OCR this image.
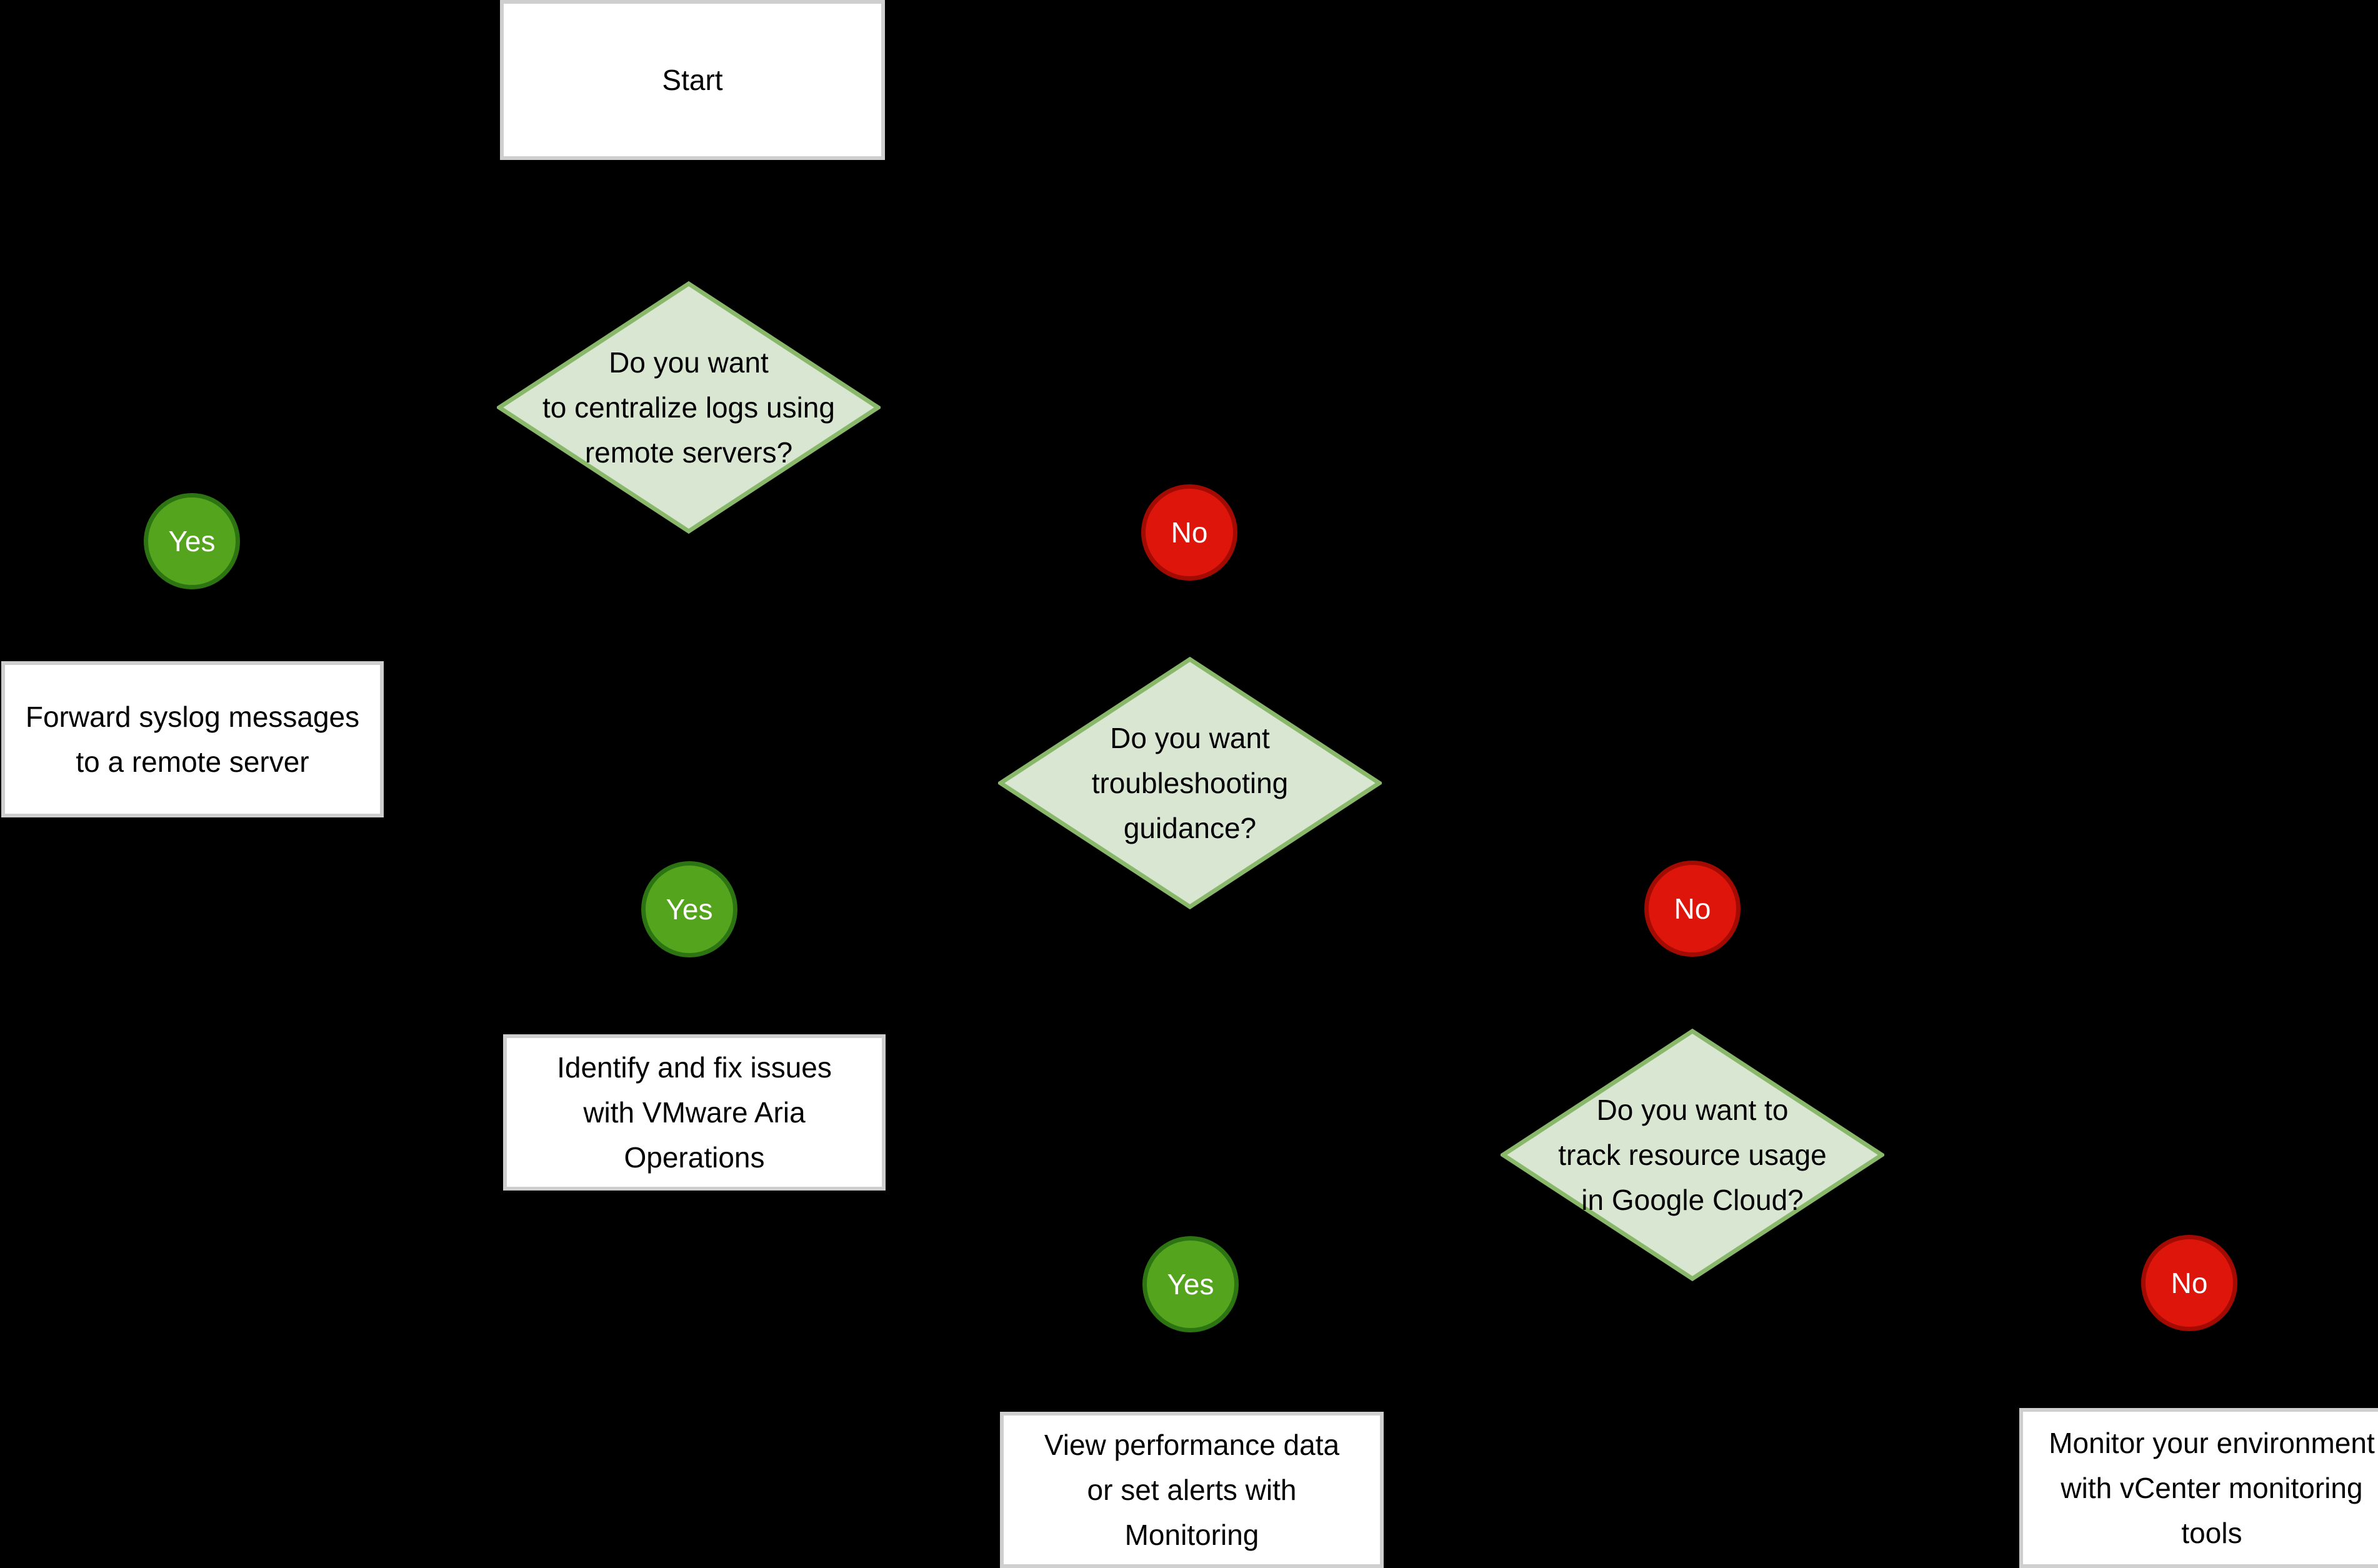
Start
Do you want
to centralize logs using
remote servers?
Yes	No
Forward syslog messages
to a remote server
Do you want
troubleshooting
guidance?
Yes	No
Identify and fix issues
with VMware Aria
Operations
Do you want to
track resource usage
in Google Cloud?
Yes	No
View performance data
or set alerts with
Monitoring
Monitor your environment
with vCenter monitoring
tools
